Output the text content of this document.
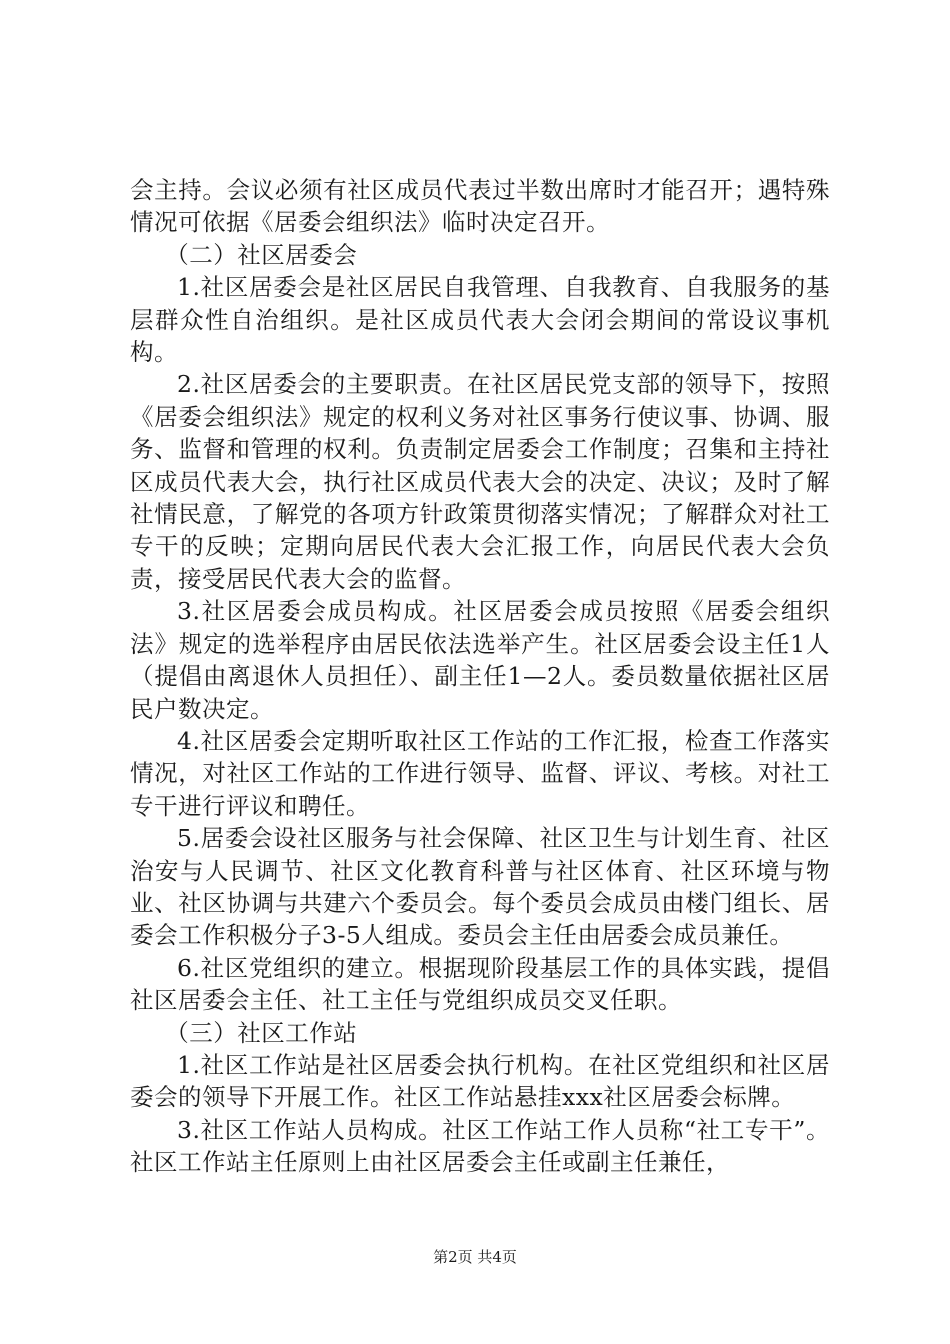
会主持。会议必须有社区成员代表过半数出席时才能召开；遇特殊情况可依据《居委会组织法》临时决定召开。

（二）社区居委会

1.社区居委会是社区居民自我管理、自我教育、自我服务的基层群众性自治组织。是社区成员代表大会闭会期间的常设议事机构。

2.社区居委会的主要职责。在社区居民党支部的领导下，按照《居委会组织法》规定的权利义务对社区事务行使议事、协调、服务、监督和管理的权利。负责制定居委会工作制度；召集和主持社区成员代表大会，执行社区成员代表大会的决定、决议；及时了解社情民意，了解党的各项方针政策贯彻落实情况；了解群众对社工专干的反映；定期向居民代表大会汇报工作，向居民代表大会负责，接受居民代表大会的监督。

3.社区居委会成员构成。社区居委会成员按照《居委会组织法》规定的选举程序由居民依法选举产生。社区居委会设主任1人（提倡由离退休人员担任）、副主任1—2人。委员数量依据社区居民户数决定。

4.社区居委会定期听取社区工作站的工作汇报，检查工作落实情况，对社区工作站的工作进行领导、监督、评议、考核。对社工专干进行评议和聘任。

5.居委会设社区服务与社会保障、社区卫生与计划生育、社区治安与人民调节、社区文化教育科普与社区体育、社区环境与物业、社区协调与共建六个委员会。每个委员会成员由楼门组长、居委会工作积极分子3-5人组成。委员会主任由居委会成员兼任。

6.社区党组织的建立。根据现阶段基层工作的具体实践，提倡社区居委会主任、社工主任与党组织成员交叉任职。

（三）社区工作站

1.社区工作站是社区居委会执行机构。在社区党组织和社区居委会的领导下开展工作。社区工作站悬挂xxx社区居委会标牌。

3.社区工作站人员构成。社区工作站工作人员称“社工专干”。社区工作站主任原则上由社区居委会主任或副主任兼任，

第2页 共4页
